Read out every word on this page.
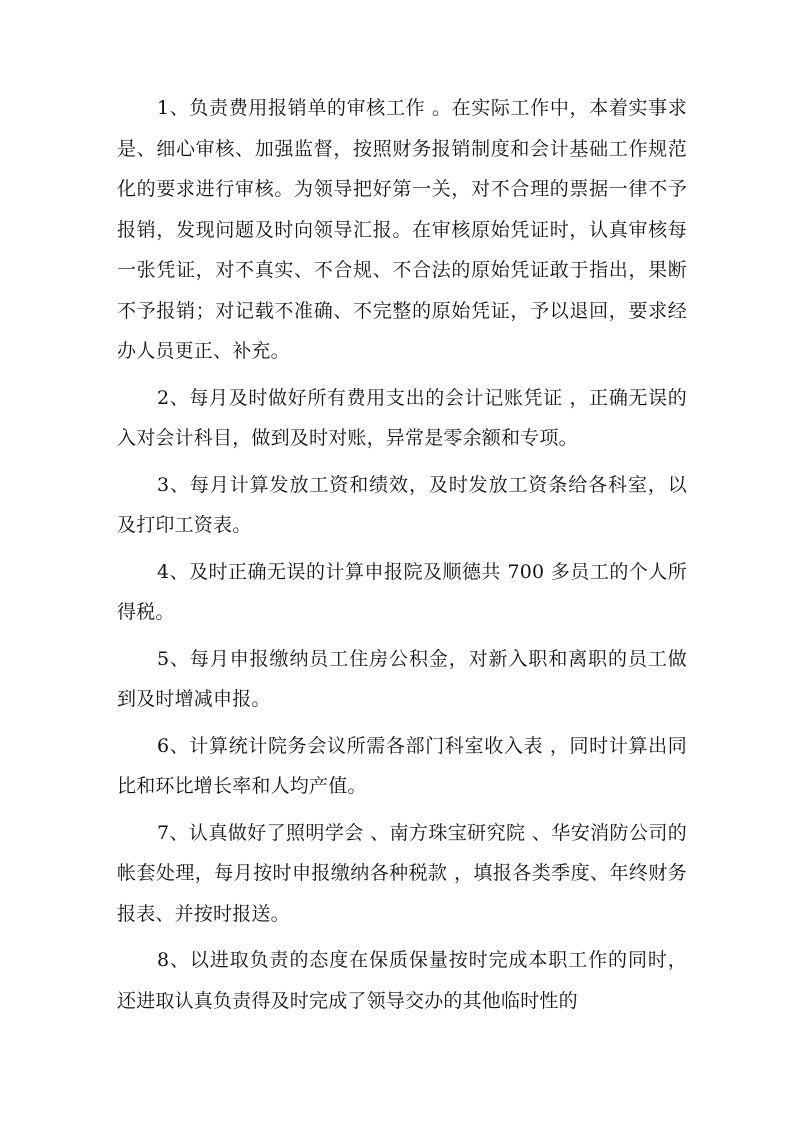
1、负责费用报销单的审核工作 。在实际工作中，本着实事求是、细心审核、加强监督，按照财务报销制度和会计基础工作规范化的要求进行审核。为领导把好第一关，对不合理的票据一律不予报销，发现问题及时向领导汇报。在审核原始凭证时，认真审核每一张凭证，对不真实、不合规、不合法的原始凭证敢于指出，果断不予报销；对记载不准确、不完整的原始凭证，予以退回，要求经办人员更正、补充。

2、每月及时做好所有费用支出的会计记账凭证 ，正确无误的入对会计科目，做到及时对账，异常是零余额和专项。

3、每月计算发放工资和绩效，及时发放工资条给各科室，以及打印工资表。

4、及时正确无误的计算申报院及顺德共 700 多员工的个人所得税。

5、每月申报缴纳员工住房公积金，对新入职和离职的员工做到及时增减申报。

6、计算统计院务会议所需各部门科室收入表 ，同时计算出同比和环比增长率和人均产值。

7、认真做好了照明学会 、南方珠宝研究院 、华安消防公司的帐套处理，每月按时申报缴纳各种税款 ，填报各类季度、年终财务报表、并按时报送。

8、以进取负责的态度在保质保量按时完成本职工作的同时，还进取认真负责得及时完成了领导交办的其他临时性的
